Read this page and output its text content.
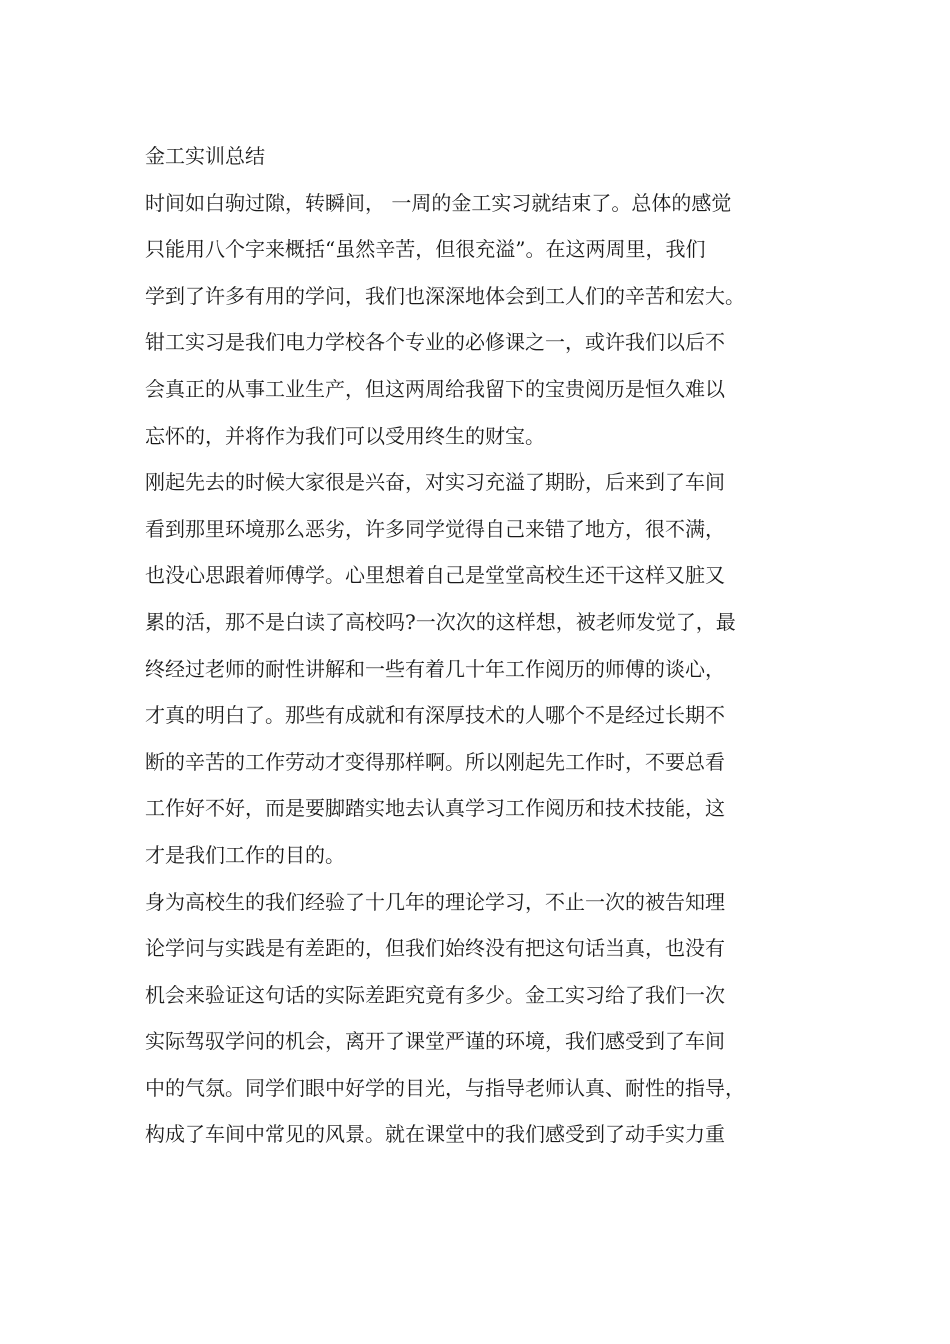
金工实训总结
时间如白驹过隙，转瞬间， 一周的金工实习就结束了。总体的感觉
只能用八个字来概括“虽然辛苦，但很充溢”。在这两周里，我们
学到了许多有用的学问，我们也深深地体会到工人们的辛苦和宏大。
钳工实习是我们电力学校各个专业的必修课之一，或许我们以后不
会真正的从事工业生产，但这两周给我留下的宝贵阅历是恒久难以
忘怀的，并将作为我们可以受用终生的财宝。
刚起先去的时候大家很是兴奋，对实习充溢了期盼，后来到了车间
看到那里环境那么恶劣，许多同学觉得自己来错了地方，很不满，
也没心思跟着师傅学。心里想着自己是堂堂高校生还干这样又脏又
累的活，那不是白读了高校吗?一次次的这样想，被老师发觉了，最
终经过老师的耐性讲解和一些有着几十年工作阅历的师傅的谈心，
才真的明白了。那些有成就和有深厚技术的人哪个不是经过长期不
断的辛苦的工作劳动才变得那样啊。所以刚起先工作时，不要总看
工作好不好，而是要脚踏实地去认真学习工作阅历和技术技能，这
才是我们工作的目的。
身为高校生的我们经验了十几年的理论学习，不止一次的被告知理
论学问与实践是有差距的，但我们始终没有把这句话当真，也没有
机会来验证这句话的实际差距究竟有多少。金工实习给了我们一次
实际驾驭学问的机会，离开了课堂严谨的环境，我们感受到了车间
中的气氛。同学们眼中好学的目光，与指导老师认真、耐性的指导，
构成了车间中常见的风景。就在课堂中的我们感受到了动手实力重
